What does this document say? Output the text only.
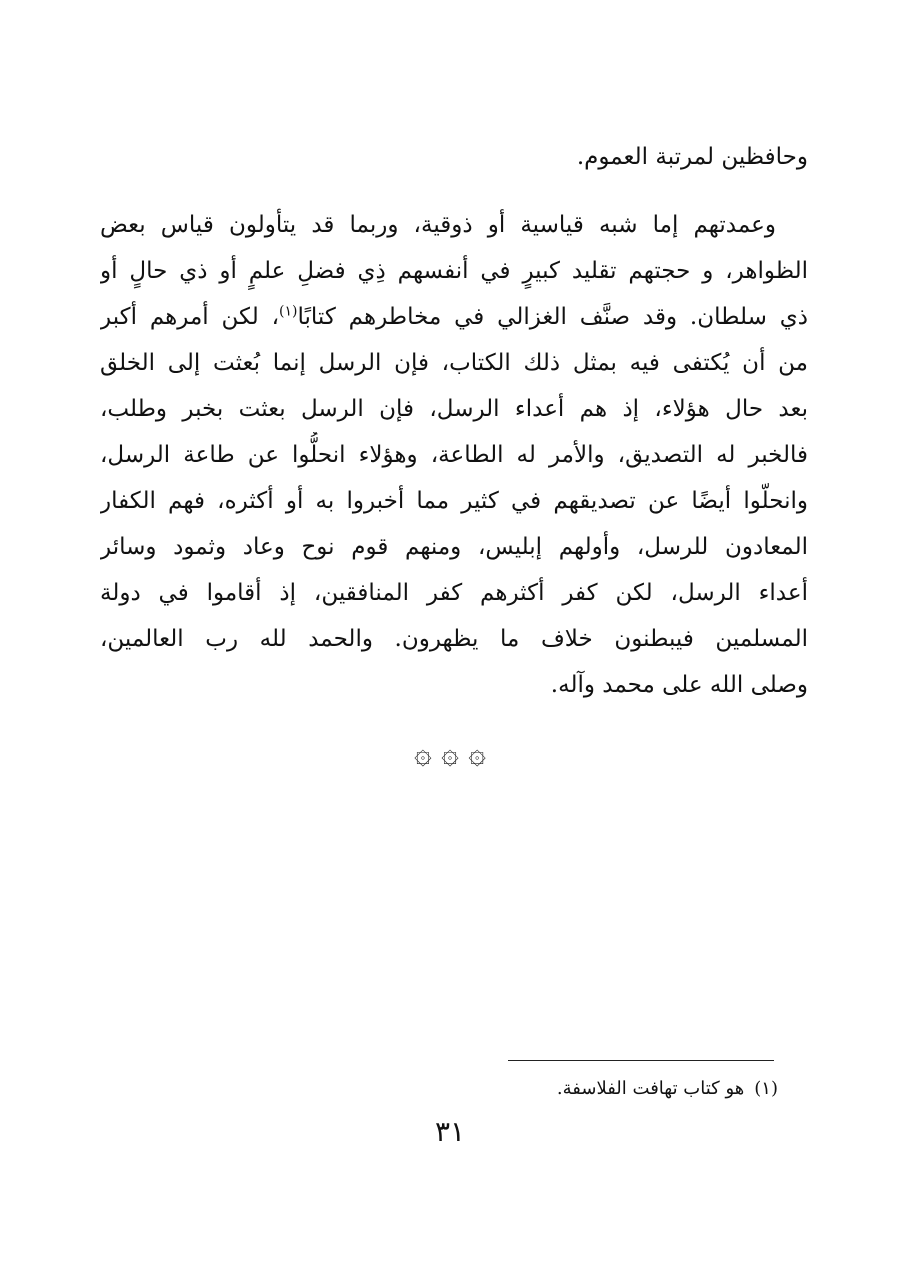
وحافظين لمرتبة العموم.
وعمدتهم إما شبه قياسية أو ذوقية، وربما قد يتأولون قياس بعض
الظواهر، و حجتهم تقليد كبيرٍ في أنفسهم ذِي فضلِ علمٍ أو ذي حالٍ أو
ذي سلطان. وقد صنَّف الغزالي في مخاطرهم كتابًا$^{(١)}$، لكن أمرهم أكبر
من أن يُكتفى فيه بمثل ذلك الكتاب، فإن الرسل إنما بُعثت إلى الخلق
بعد حال هؤلاء، إذ هم أعداء الرسل، فإن الرسل بعثت بخبر وطلب،
فالخبر له التصديق، والأمر له الطاعة، وهؤلاء انحلُّوا عن طاعة الرسل،
وانحلّوا أيضًا عن تصديقهم في كثير مما أخبروا به أو أكثره، فهم الكفار
المعادون للرسل، وأولهم إبليس، ومنهم قوم نوح وعاد وثمود وسائر
أعداء الرسل، لكن كفر أكثرهم كفر المنافقين، إذ أقاموا في دولة
المسلمين فيبطنون خلاف ما يظهرون. والحمد لله رب العالمين،
وصلى الله على محمد وآله.
۞ ۞ ۞
(١)هو كتاب تهافت الفلاسفة.
٣١
